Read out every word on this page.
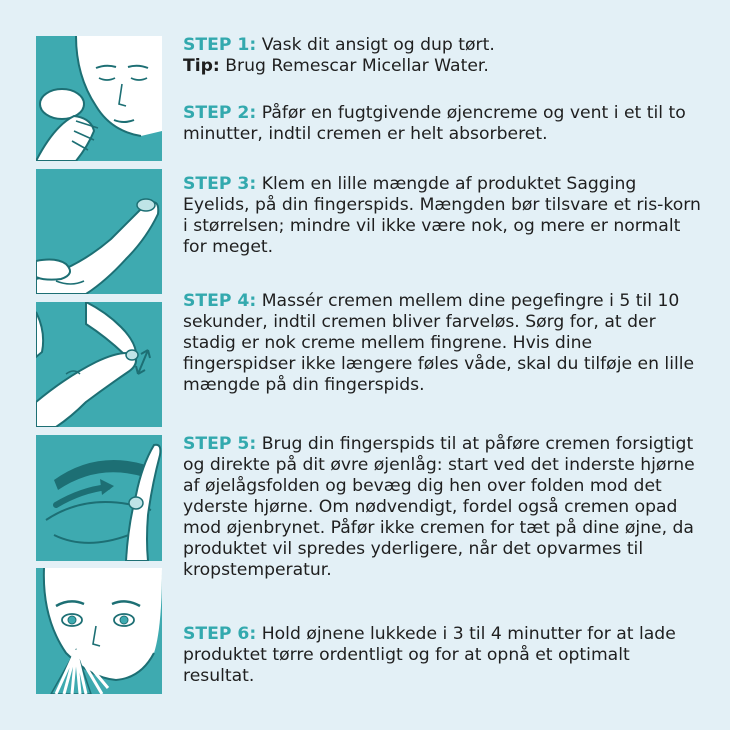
STEP 1: Vask dit ansigt og dup tørt.
Tip: Brug Remescar Micellar Water.

STEP 2: Påfør en fugtgivende øjencreme og vent i et til to minutter, indtil cremen er helt absorberet.

STEP 3: Klem en lille mængde af produktet Sagging Eyelids, på din fingerspids. Mængden bør tilsvare et ris-korn i størrelsen; mindre vil ikke være nok, og mere er normalt for meget.

STEP 4: Massér cremen mellem dine pegefingre i 5 til 10 sekunder, indtil cremen bliver farveløs. Sørg for, at der stadig er nok creme mellem fingrene. Hvis dine fingerspidser ikke længere føles våde, skal du tilføje en lille mængde på din fingerspids.

STEP 5: Brug din fingerspids til at påføre cremen forsigtigt og direkte på dit øvre øjenlåg: start ved det inderste hjørne af øjelågsfolden og bevæg dig hen over folden mod det yderste hjørne. Om nødvendigt, fordel også cremen opad mod øjenbrynet. Påfør ikke cremen for tæt på dine øjne, da produktet vil spredes yderligere, når det opvarmes til kropstemperatur.

STEP 6: Hold øjnene lukkede i 3 til 4 minutter for at lade produktet tørre ordentligt og for at opnå et optimalt resultat.
